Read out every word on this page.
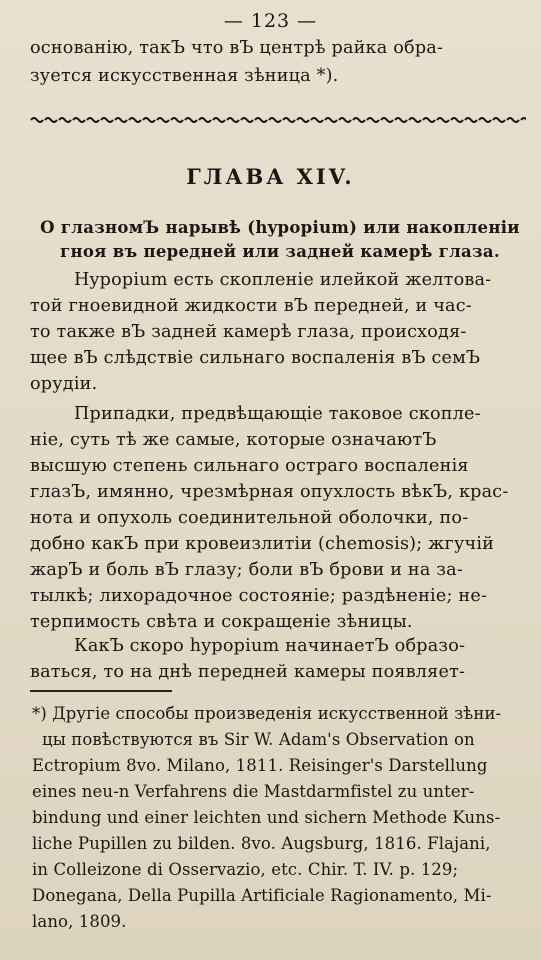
— 123 —
основанію, такЪ что вЪ центрѣ райка обра-
зуется искусственная зѣница *).
ГЛАВА XIV.
О глазномЪ нарывѣ (hypopium) или накопленіи
гноя въ передней или задней камерѣ глаза.
Hypopium есть скопленіе илейкой желтова-
той гноевидной жидкости вЪ передней, и час-
то также вЪ задней камерѣ глаза, происходя-
щее вЪ слѣдствіе сильнаго воспаленія вЪ семЪ
орудіи.
Припадки, предвѣщающіе таковое скопле-
ніе, суть тѣ же самые, которые означаютЪ
высшую степень сильнаго остраго воспаленія
глазЪ, имянно, чрезмѣрная опухлость вѣкЪ, крас-
нота и опухоль соединительной оболочки, по-
добно какЪ при кровеизлитіи (chemosis); жгучій
жарЪ и боль вЪ глазу; боли вЪ брови и на за-
тылкѣ; лихорадочное состояніе; раздѣненіе; не-
терпимость свѣта и сокращеніе зѣницы.
КакЪ скоро hypopium начинаетЪ образо-
ваться, то на днѣ передней камеры появляет-
*) Другіе способы произведенія искусственной зѣни-
цы повѣствуются въ Sir W. Adam's Observation on
Ectropium 8vo. Milano, 1811. Reisinger's Darstellung
eines neu-n Verfahrens die Mastdarmfistel zu unter-
bindung und einer leichten und sichern Methode Kuns-
liche Pupillen zu bilden. 8vo. Augsburg, 1816. Flajani,
in Colleizone di Osservazio, etc. Chir. T. IV. p. 129;
Donegana, Della Pupilla Artificiale Ragionamento, Mi-
lano, 1809.
